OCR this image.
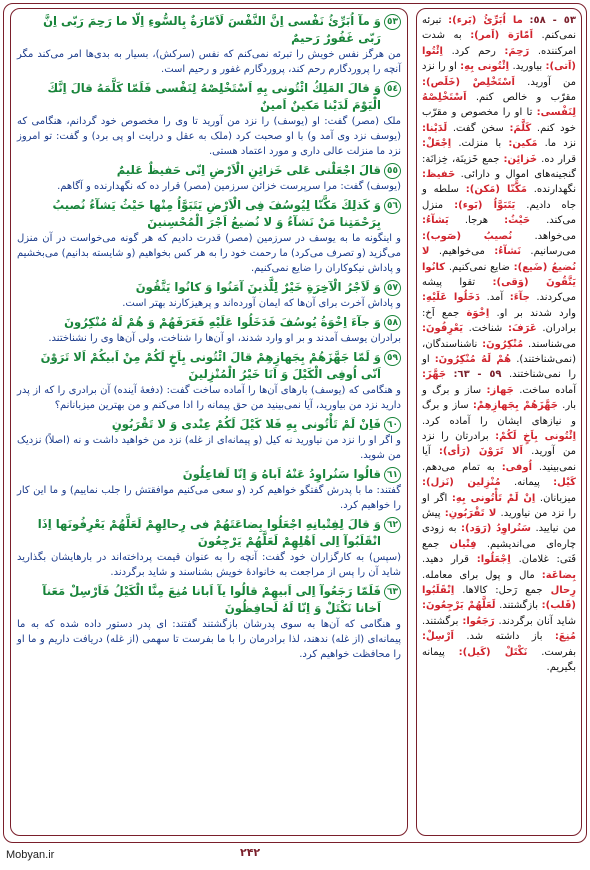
٥٣
وَ مآ اُبَرِّئُ نَفْسى اِنَّ النَّفْسَ لَاَمّارَةٌ بِالسُّوءِ اِلّا ما رَحِمَ رَبّى اِنَّ رَبّى غَفُورٌ رَحیمٌ
من هرگز نفس خویش را تبرئه نمی‌کنم که نفس (سرکش)، بسیار به بدی‌ها امر می‌کند مگر آنچه را پروردگارم رحم کند، پروردگارم غفور و رحیم است.
٥٤
وَ قالَ المَلِكُ ائْتُونى بِهِ اَسْتَخْلِصْهُ لِنَفْسى فَلَمّا كَلَّمَهُ قالَ اِنَّكَ الْيَوْمَ لَدَيْنا مَكينٌ اَمينٌ
ملک (مصر) گفت: او (یوسف) را نزد من آورید تا وی را مخصوص خود گردانم، هنگامی که (یوسف نزد وی آمد و) با او صحبت کرد (ملک به عقل و درایت او پی برد) و گفت: تو امروز نزد ما منزلت عالی داری و مورد اعتماد هستی.
٥٥
قالَ اجْعَلْنى عَلى خَزائِنِ الْاَرْضِ اِنّى حَفيظٌ عَليمٌ
(یوسف) گفت: مرا سرپرست خزائن سرزمین (مصر) قرار ده که نگهدارنده و آگاهم.
٥٦
وَ كَذلِكَ مَكَّنّا لِيُوسُفَ فِى الْاَرْضِ يَتَبَوَّاُ مِنْها حَيْثُ يَشآءُ نُصيبُ بِرَحْمَتِنا مَنْ نَشآءُ وَ لا نُضيعُ اَجْرَ الْمُحْسِنينَ
و اینگونه ما به یوسف در سرزمین (مصر) قدرت دادیم که هر گونه می‌خواست در آن منزل می‌گزید (و تصرف می‌کرد) ما رحمت خود را به هر کس بخواهیم (و شایسته بدانیم) می‌بخشیم و پاداش نیکوکاران را ضایع نمی‌کنیم.
٥٧
وَ لَاَجْرُ الْآخِرَةِ خَيْرٌ لِلَّذينَ آمَنُوا وَ كانُوا يَتَّقُونَ
و پاداش آخرت برای آن‌ها که ایمان آورده‌اند و پرهیزکارند بهتر است.
٥٨
وَ جآءَ اِخْوَةُ يُوسُفَ فَدَخَلُوا عَلَيْهِ فَعَرَفَهُمْ وَ هُمْ لَهُ مُنْكِرُونَ
برادران یوسف آمدند و بر او وارد شدند، او آن‌ها را شناخت، ولی آن‌ها وی را نشناختند.
٥٩
وَ لَمّا جَهَّزَهُمْ بِجَهازِهِمْ قالَ ائْتُونى بِاَخٍ لَكُمْ مِنْ اَبيكُمْ اَلا تَرَوْنَ اَنّى اُوفِى الْكَيْلَ وَ اَنَا خَيْرُ الْمُنْزِلينَ
و هنگامی که (یوسف) بارهای آن‌ها را آماده ساخت گفت: (دفعهٔ آینده) آن برادری را که از پدر دارید نزد من بیاورید، آیا نمی‌بینید من حق پیمانه را ادا می‌کنم و من بهترین میزبانانم؟
٦٠
فَاِنْ لَمْ تَأْتُونى بِهِ فَلا كَيْلَ لَكُمْ عِنْدى وَ لا تَقْرَبُونِ
و اگر او را نزد من نیاورید نه کیل (و پیمانه‌ای از غله) نزد من خواهید داشت و نه (اصلاً) نزدیک من شوید.
٦١
قالُوا سَنُراوِدُ عَنْهُ اَباهُ وَ اِنّا لَفاعِلُونَ
گفتند: ما با پدرش گفتگو خواهیم کرد (و سعی می‌کنیم موافقتش را جلب نماییم) و ما این کار را خواهیم کرد.
٦٢
وَ قالَ لِفِتْيانِهِ اجْعَلُوا بِضاعَتَهُمْ فى رِحالِهِمْ لَعَلَّهُمْ يَعْرِفُونَها اِذَا انْقَلَبُوآ اِلى اَهْلِهِمْ لَعَلَّهُمْ يَرْجِعُونَ
(سپس) به کارگزاران خود گفت: آنچه را به عنوان قیمت پرداخته‌اند در بارهایشان بگذارید شاید آن را پس از مراجعت به خانوادهٔ خویش بشناسند و شاید برگردند.
٦٣
فَلَمّا رَجَعُوآ اِلى اَبيهِمْ قالُوا يآ اَبانا مُنِعَ مِنَّا الْكَيْلُ فَاَرْسِلْ مَعَنآ اَخانا نَكْتَلْ وَ اِنّا لَهُ لَحافِظُونَ
و هنگامی که آن‌ها به سوی پدرشان بازگشتند گفتند: ای پدر دستور داده شده که به ما پیمانه‌ای (از غله) ندهند، لذا برادرمان را با ما بفرست تا سهمی (از غله) دریافت داریم و ما او را محافظت خواهیم کرد.
٥٣ - ٥٨: ما اُبَرِّئُ (بَرء): تبرئه نمی‌کنم. اَمّارَة (اَمر): به شدت امرکننده. رَحِمَ: رحم کرد. اِئْتُوا (اَتی): بیاورید. اِئْتُونى بِهِ: او را نزد من آورید. اَسْتَخْلِصْ (خَلَص): مقرّب و خالص کنم. اَسْتَخْلِصْهُ لِنَفْسى: تا او را مخصوص و مقرّب خود کنم. كَلَّمَ: سخن گفت. لَدَيْنا: نزد ما. مَكين: با منزلت. اِجْعَلْ: قرار ده. خَزائِن: جمع خَزينَة، خِزانَة: گنجینه‌های اموال و دارائی. حَفيظ: نگهدارنده. مَكَّنّا (مَكن): سلطه و جاه دادیم. يَتَبَوَّاُ (بَوء): منزل می‌کند. حَيْثُ: هرجا. يَشآءُ: می‌خواهد. نُصيبُ (صَوب): می‌رسانیم. نَشآءُ: می‌خواهیم. لا نُضيعُ (ضَيع): ضایع نمی‌کنیم. كانُوا يَتَّقُونَ (وَقى): تقوا پیشه می‌کردند. جآءَ: آمد. دَخَلُوا عَلَيْهِ: وارد شدند بر او. اِخْوَة جمع اَخ: برادران. عَرَفَ: شناخت. يَعْرِفُونَ: می‌شناسند. مُنْكِرُونَ: ناشناسندگان، (نمی‌شناختند). هُمْ لَهُ مُنْكِرُونَ: او را نمی‌شناختند. ٥٩ - ٦٣: جَهَّزَ: آماده ساخت. جَهاز: ساز و برگ و بار. جَهَّزَهُمْ بِجَهازِهِمْ: ساز و برگ و نیازهای ایشان را آماده کرد. اِئْتُونى بِاَخٍ لَكُمْ: برادرتان را نزد من آورید. اَلا تَرَوْنَ (رَأى): آیا نمی‌بینید. اُوفى: به تمام می‌دهم. كَيْل: پیمانه. مُنْزِلين (نَزل): میزبانان. اِنْ لَمْ تَأْتُونى بِهِ: اگر او را نزد من نیاورید. لا تَقْرَبُونِ: پیش من نیایید. سَنُراوِدُ (رَوَد): به زودی چاره‌ای می‌اندیشیم. فِتْيان جمع فَتى: غلامان. اِجْعَلُوا: قرار دهید. بِضاعَة: مال و پول برای معامله. رِحال جمع رَحل: کالاها. اِنْقَلَبُوا (قَلب): بازگشتند. لَعَلَّهُمْ يَرْجِعُونَ: شاید آنان برگردند. رَجَعُوا: برگشتند. مُنِعَ: باز داشته شد. اَرْسِلْ: بفرست. نَكْتَلْ (كَيل): پیمانه بگیریم.
٢۴٢
Mobyan.ir
